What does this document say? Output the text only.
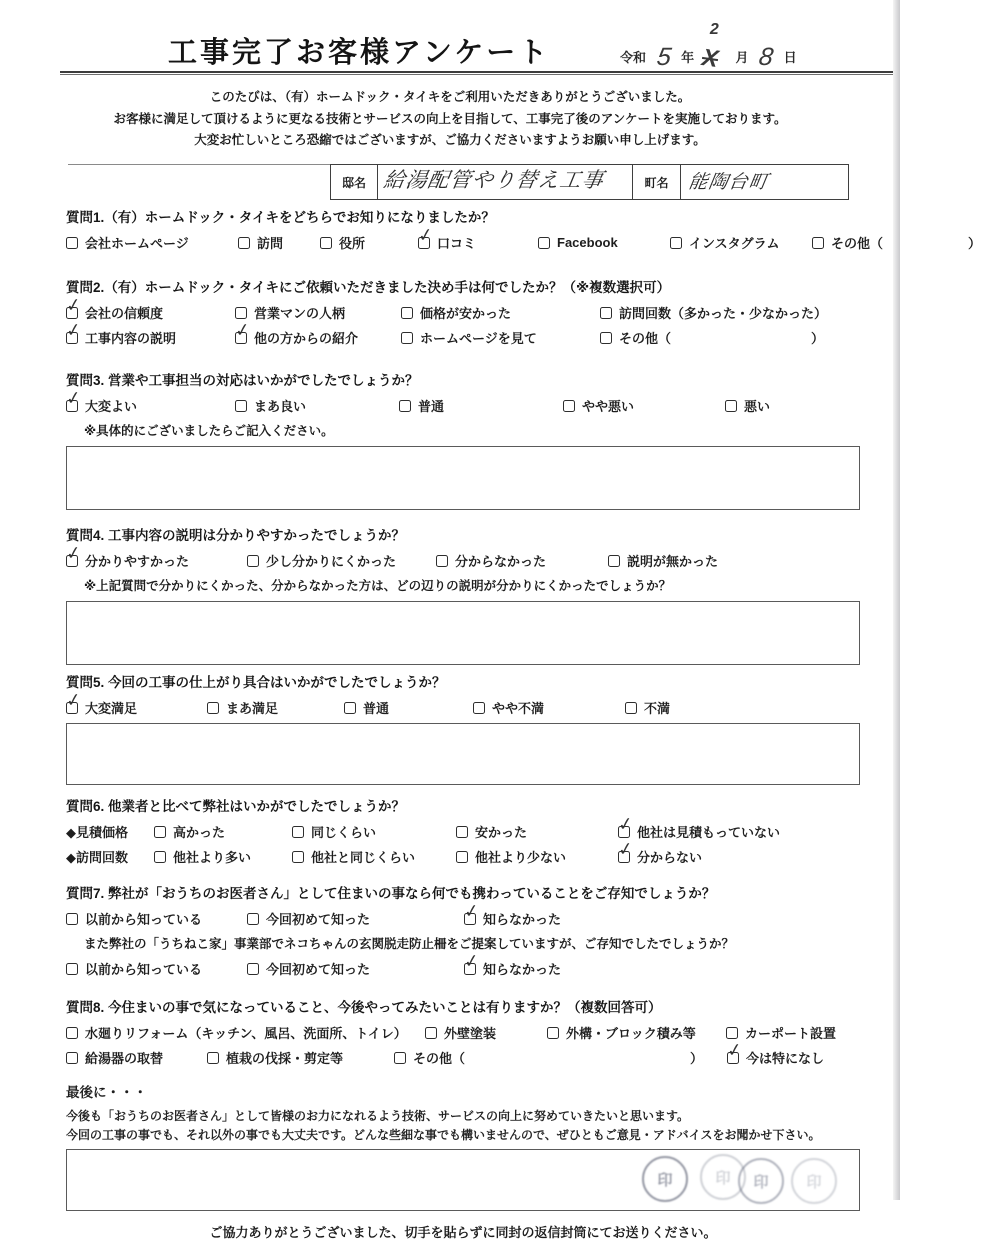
工事完了お客様アンケート	令和 5 年 X
2
月 8 日
このたびは、（有）ホームドック・タイキをご利用いただきありがとうございました。
お客様に満足して頂けるように更なる技術とサービスの向上を目指して、工事完了後のアンケートを実施しております。
大変お忙しいところ恐縮ではございますが、ご協力くださいますようお願い申し上げます。
邸名 給湯配管やり替え工事	町名 能陶台町
質問1.（有）ホームドック・タイキをどちらでお知りになりましたか？
会社ホームページ	訪問	役所	✓ 口コミ	Facebook	インスタグラム	その他（	）
質問2.（有）ホームドック・タイキにご依頼いただきました決め手は何でしたか？（※複数選択可）
✓ 会社の信頼度	営業マンの人柄	価格が安かった	訪問回数（多かった・少なかった）
✓ 工事内容の説明	✓ 他の方からの紹介	ホームページを見て	その他（	）
質問3. 営業や工事担当の対応はいかがでしたでしょうか？
✓ 大変よい	まあ良い	普通	やや悪い	悪い
※具体的にございましたらご記入ください。
質問4. 工事内容の説明は分かりやすかったでしょうか？
✓ 分かりやすかった	少し分かりにくかった	分からなかった	説明が無かった
※上記質問で分かりにくかった、分からなかった方は、どの辺りの説明が分かりにくかったでしょうか？
質問5. 今回の工事の仕上がり具合はいかがでしたでしょうか？
✓ 大変満足	まあ満足	普通	やや不満	不満
質問6. 他業者と比べて弊社はいかがでしたでしょうか？
◆見積価格	高かった	同じくらい	安かった	✓ 他社は見積もっていない
◆訪問回数	他社より多い	他社と同じくらい	他社より少ない	✓ 分からない
質問7. 弊社が「おうちのお医者さん」として住まいの事なら何でも携わっていることをご存知でしょうか？
以前から知っている	今回初めて知った	✓ 知らなかった
また弊社の「うちねこ家」事業部でネコちゃんの玄関脱走防止柵をご提案していますが、ご存知でしたでしょうか？
以前から知っている	今回初めて知った	✓ 知らなかった
質問8. 今住まいの事で気になっていること、今後やってみたいことは有りますか？（複数回答可）
水廻りリフォーム（キッチン、風呂、洗面所、トイレ）	外壁塗装	外構・ブロック積み等	カーポート設置
給湯器の取替	植栽の伐採・剪定等	その他（	） ✓ 今は特になし
最後に・・・
今後も「おうちのお医者さん」として皆様のお力になれるよう技術、サービスの向上に努めていきたいと思います。
今回の工事の事でも、それ以外の事でも大丈夫です。どんな些細な事でも構いませんので、ぜひともご意見・アドバイスをお聞かせ下さい。
ご協力ありがとうございました、切手を貼らずに同封の返信封筒にてお送りください。
印	印	印	印
